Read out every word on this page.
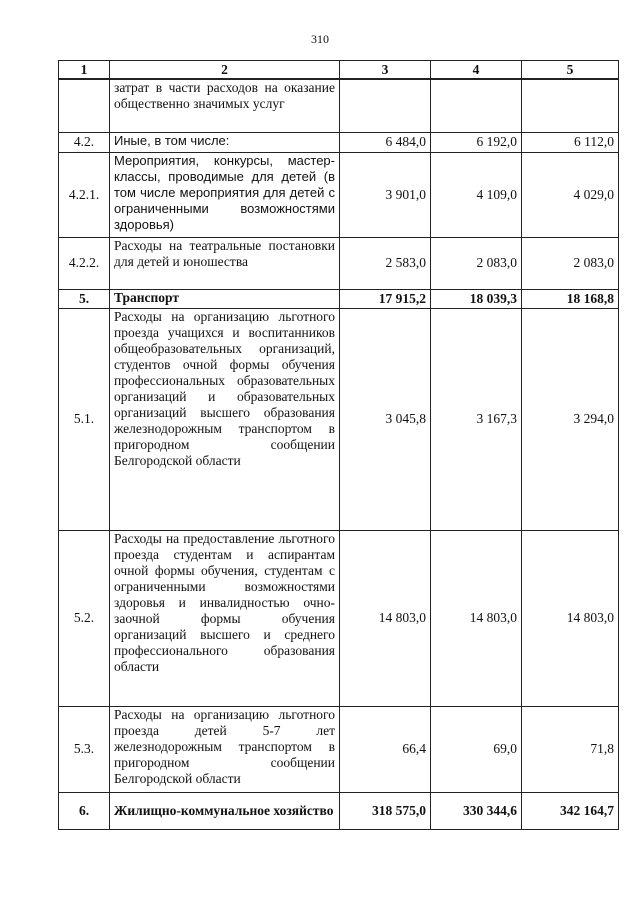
310
1	2	3	4	5
	затрат в части расходов на оказание общественно значимых услуг			
4.2.	Иные, в том числе:	6 484,0	6 192,0	6 112,0
4.2.1.	Мероприятия, конкурсы, мастер-классы, проводимые для детей (в том числе мероприятия для детей с ограниченными возможностями здоровья)	3 901,0	4 109,0	4 029,0
4.2.2.	Расходы на театральные постановки для детей и юношества	2 583,0	2 083,0	2 083,0
5.	Транспорт	17 915,2	18 039,3	18 168,8
5.1.	Расходы на организацию льготного проезда учащихся и воспитанников общеобразовательных организаций, студентов очной формы обучения профессиональных образовательных организаций и образовательных организаций высшего образования железнодорожным транспортом в пригородном сообщении Белгородской области	3 045,8	3 167,3	3 294,0
5.2.	Расходы на предоставление льготного проезда студентам и аспирантам очной формы обучения, студентам с ограниченными возможностями здоровья и инвалидностью очно-заочной формы обучения организаций высшего и среднего профессионального образования области	14 803,0	14 803,0	14 803,0
5.3.	Расходы на организацию льготного проезда детей 5-7 лет железнодорожным транспортом в пригородном сообщении Белгородской области	66,4	69,0	71,8
6.	Жилищно-коммунальное хозяйство	318 575,0	330 344,6	342 164,7
